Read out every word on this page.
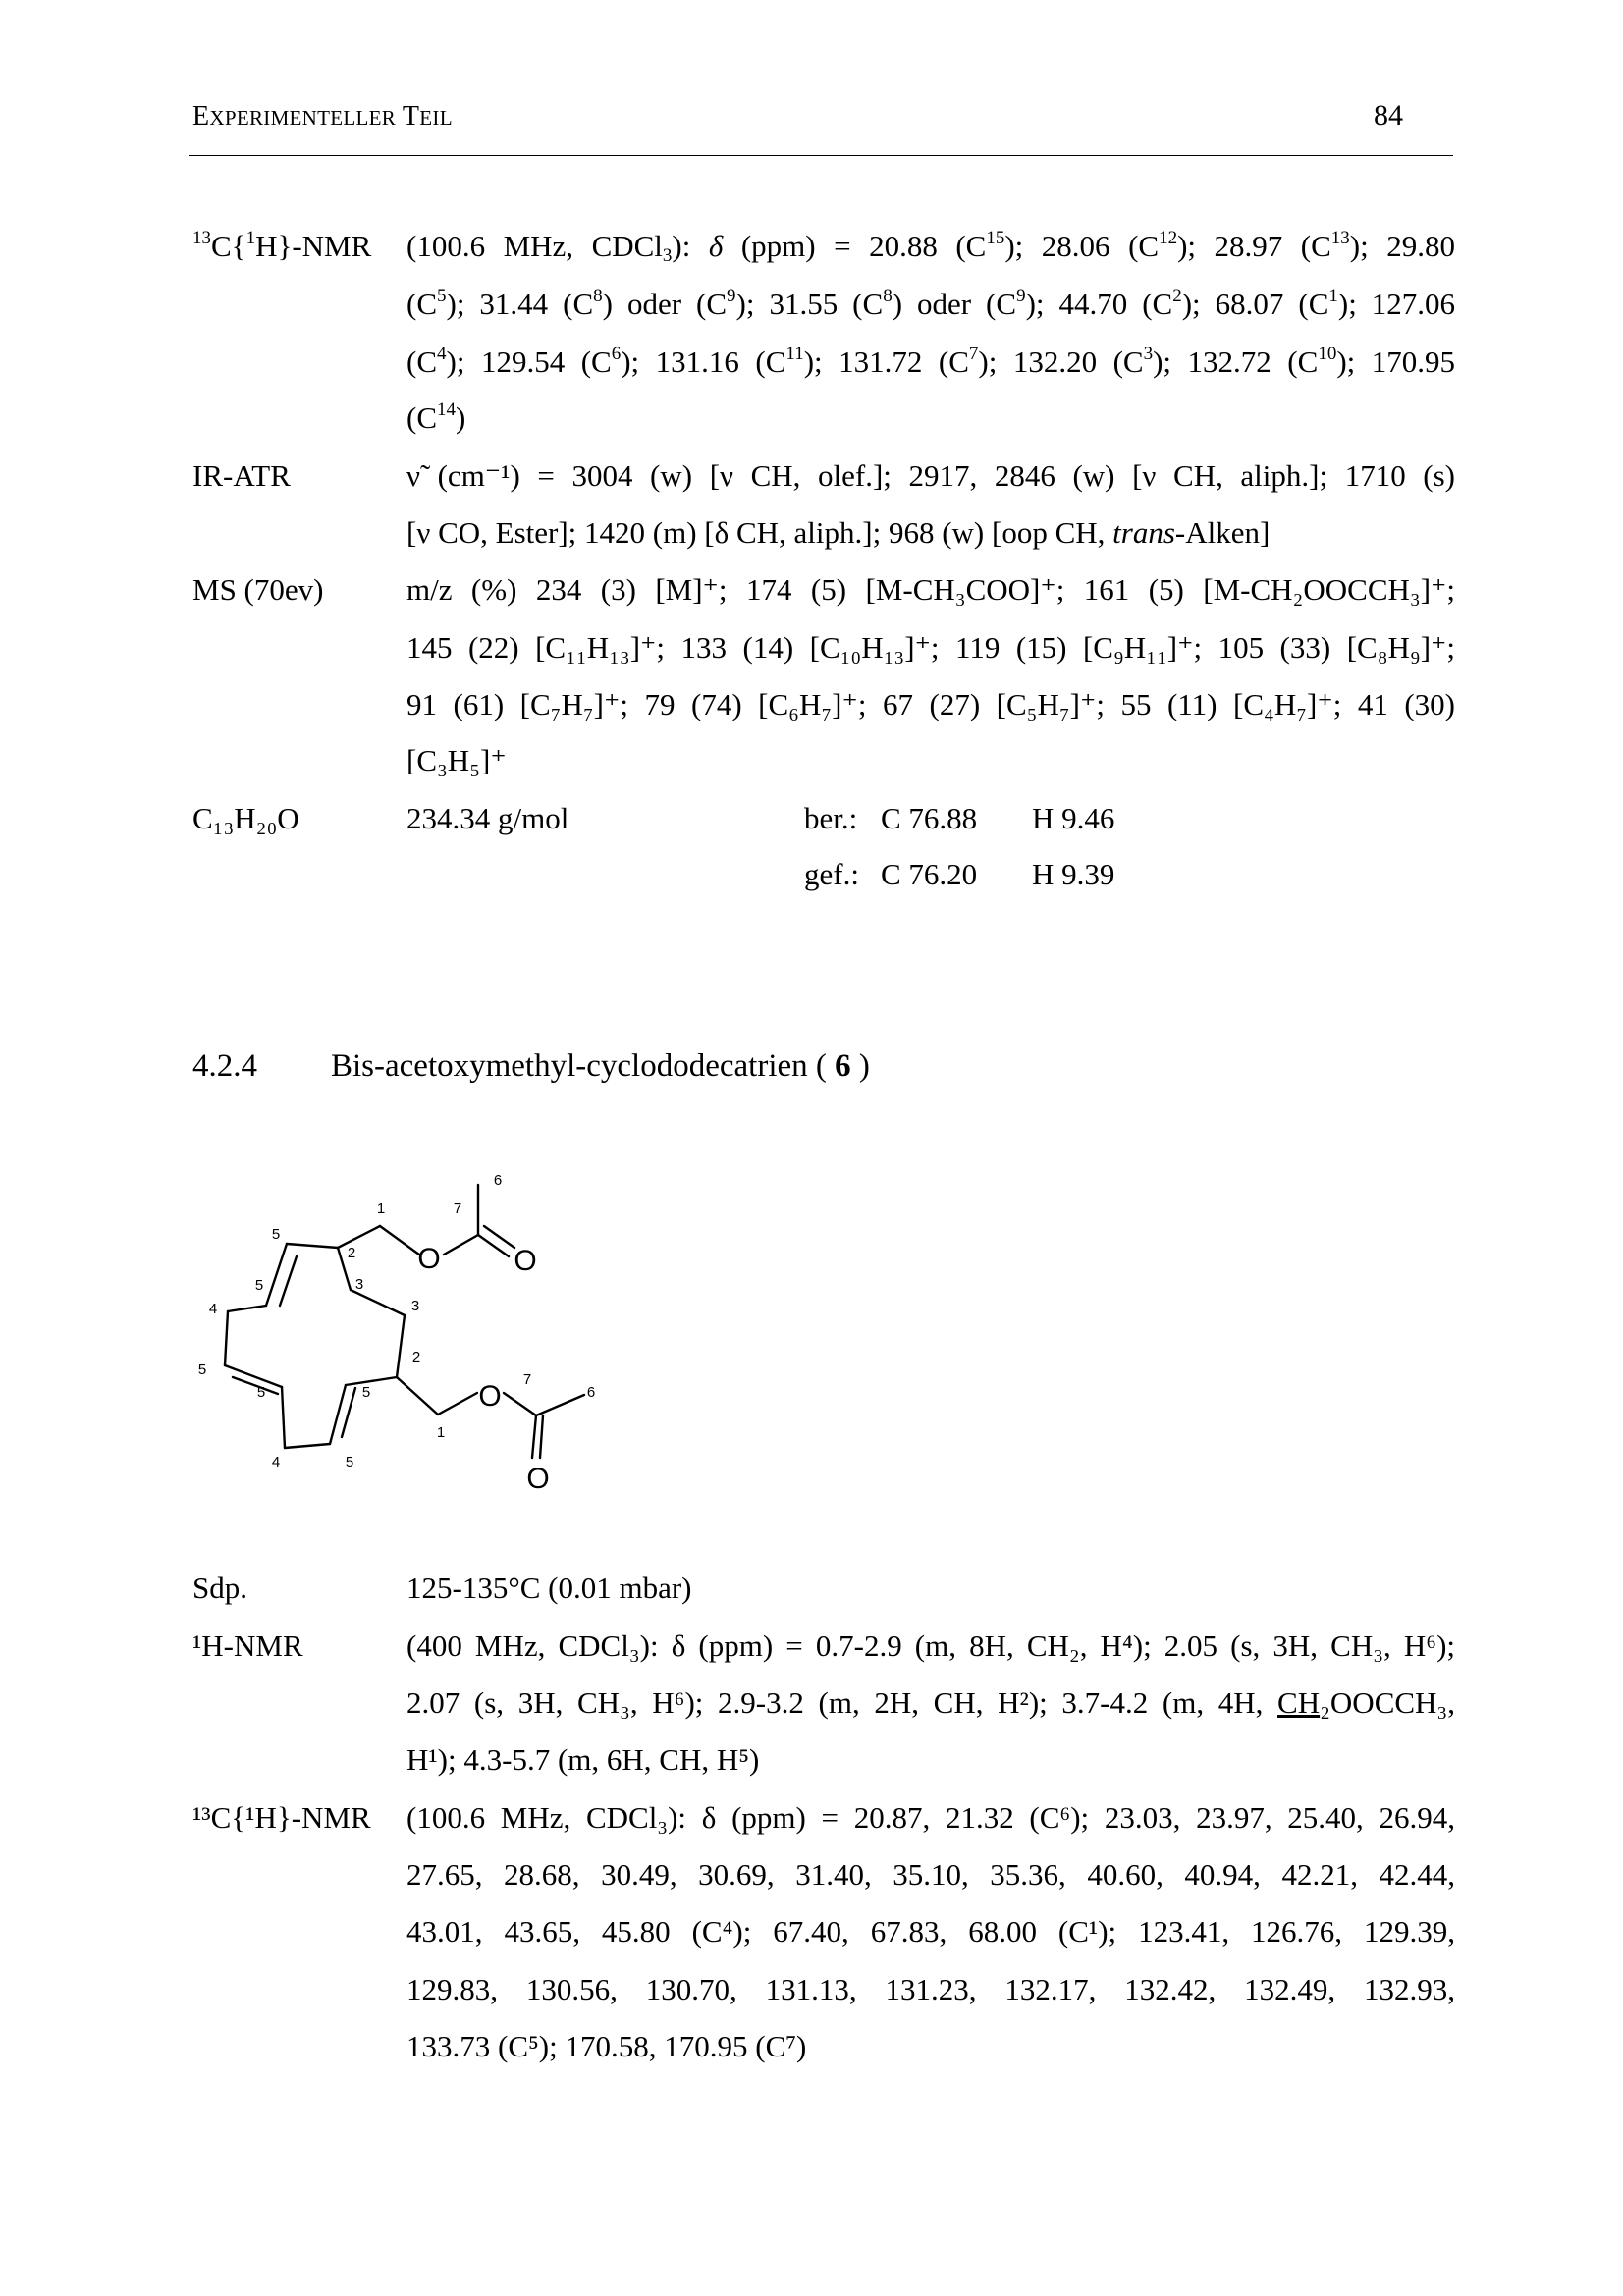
EXPERIMENTELLER TEIL	84
$^{13}$C{$^1$H}-NMR (100.6 MHz, CDCl$_3$): δ (ppm) = 20.88 $(C^{15})$; 28.06 $(C^{12})$; 28.97 $(C^{13})$; 29.80
$(C^5)$; 31.44 $(C^8)$ oder $(C^9)$; 31.55 $(C^8)$ oder $(C^9)$; 44.70 $(C^2)$; 68.07 $(C^1)$; 127.06
$(C^4)$; 129.54 $(C^6)$; 131.16 $(C^{11})$; 131.72 $(C^7)$; 132.20 $(C^3)$; 132.72 $(C^{10})$; 170.95
$(C^{14})$
IR-ATR	ν̃ (cm⁻¹) = 3004 (w) [ν CH, olef.]; 2917, 2846 (w) [ν CH, aliph.]; 1710 (s)
[ν CO, Ester]; 1420 (m) [δ CH, aliph.]; 968 (w) [oop CH, trans-Alken]
MS (70ev)	m/z (%) 234 (3) [M]⁺; 174 (5) [M-CH₃COO]⁺; 161 (5) [M-CH₂OOCCH₃]⁺;
145 (22) [C₁₁H₁₃]⁺; 133 (14) [C₁₀H₁₃]⁺; 119 (15) [C₉H₁₁]⁺; 105 (33) [C₈H₉]⁺;
91 (61) [C₇H₇]⁺; 79 (74) [C₆H₇]⁺; 67 (27) [C₅H₇]⁺; 55 (11) [C₄H₇]⁺; 41 (30)
[C₃H₅]⁺
C₁₃H₂₀O	234.34 g/mol	ber.: C 76.88 H 9.46
gef.: C 76.20 H 9.39
4.2.4 Bis-acetoxymethyl-cyclododecatrien ( 6 )
O O
O
O
6
1	7
5
2
5	3
3
4
2
5
5	5
7
6
1
4	5
Sdp.	125-135°C (0.01 mbar)
¹H-NMR	(400 MHz, CDCl₃): δ (ppm) = 0.7-2.9 (m, 8H, CH₂, H⁴); 2.05 (s, 3H, CH₃, H⁶);
2.07 (s, 3H, CH₃, H⁶); 2.9-3.2 (m, 2H, CH, H²); 3.7-4.2 (m, 4H, CH₂OOCCH₃,
H¹); 4.3-5.7 (m, 6H, CH, H⁵)
¹³C{¹H}-NMR (100.6 MHz, CDCl₃): δ (ppm) = 20.87, 21.32 (C⁶); 23.03, 23.97, 25.40, 26.94,
27.65, 28.68, 30.49, 30.69, 31.40, 35.10, 35.36, 40.60, 40.94, 42.21, 42.44,
43.01, 43.65, 45.80 (C⁴); 67.40, 67.83, 68.00 (C¹); 123.41, 126.76, 129.39,
129.83, 130.56, 130.70, 131.13, 131.23, 132.17, 132.42, 132.49, 132.93,
133.73 (C⁵); 170.58, 170.95 (C⁷)
